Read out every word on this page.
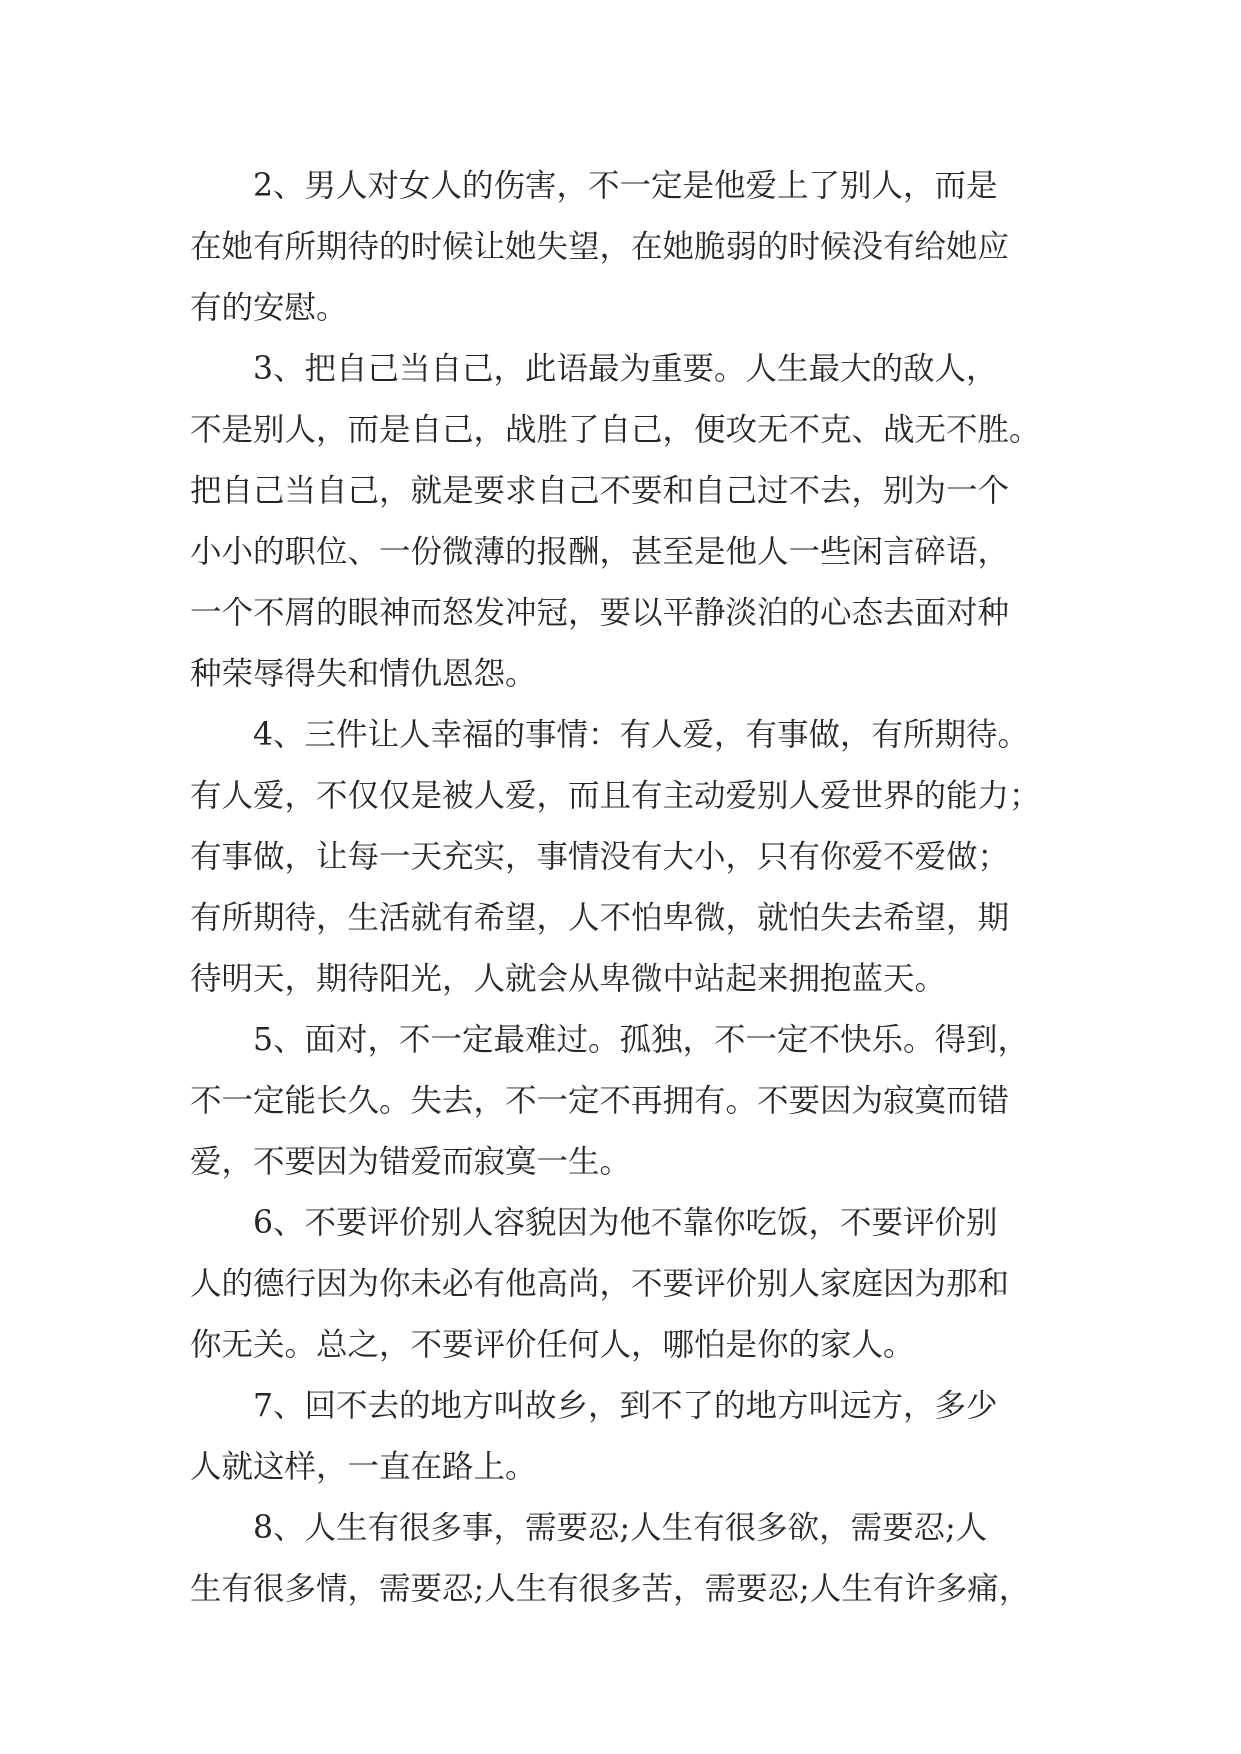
2、男人对女人的伤害，不一定是他爱上了别人，而是
在她有所期待的时候让她失望，在她脆弱的时候没有给她应
有的安慰。
3、把自己当自己，此语最为重要。人生最大的敌人，
不是别人，而是自己，战胜了自己，便攻无不克、战无不胜。
把自己当自己，就是要求自己不要和自己过不去，别为一个
小小的职位、一份微薄的报酬，甚至是他人一些闲言碎语，
一个不屑的眼神而怒发冲冠，要以平静淡泊的心态去面对种
种荣辱得失和情仇恩怨。
4、三件让人幸福的事情：有人爱，有事做，有所期待。
有人爱，不仅仅是被人爱，而且有主动爱别人爱世界的能力；
有事做，让每一天充实，事情没有大小，只有你爱不爱做；
有所期待，生活就有希望，人不怕卑微，就怕失去希望，期
待明天，期待阳光，人就会从卑微中站起来拥抱蓝天。
5、面对，不一定最难过。孤独，不一定不快乐。得到，
不一定能长久。失去，不一定不再拥有。不要因为寂寞而错
爱，不要因为错爱而寂寞一生。
6、不要评价别人容貌因为他不靠你吃饭，不要评价别
人的德行因为你未必有他高尚，不要评价别人家庭因为那和
你无关。总之，不要评价任何人，哪怕是你的家人。
7、回不去的地方叫故乡，到不了的地方叫远方，多少
人就这样，一直在路上。
8、人生有很多事，需要忍;人生有很多欲，需要忍;人
生有很多情，需要忍;人生有很多苦，需要忍;人生有许多痛，
